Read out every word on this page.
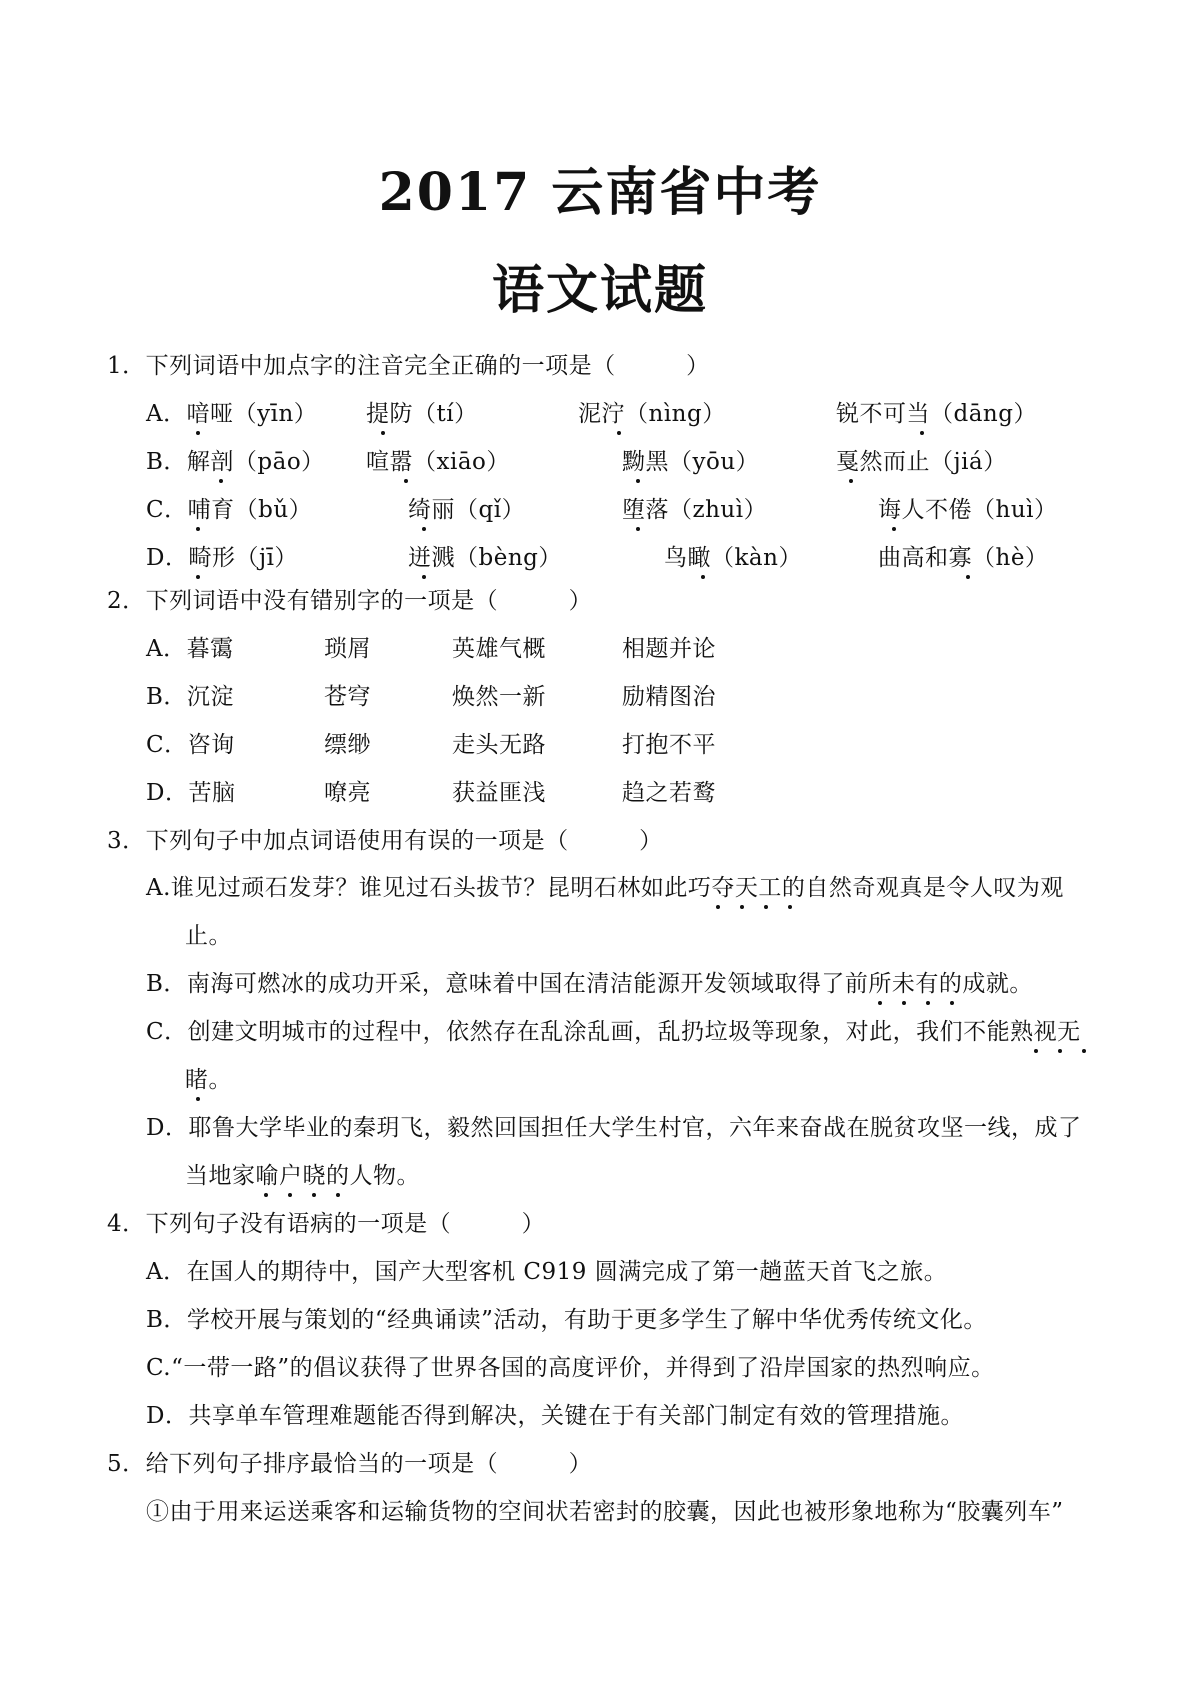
2017 云南省中考
语文试题
1．下列词语中加点字的注音完全正确的一项是（　　　）
A．喑哑（yīn） 提防（tí）	泥泞（nìng）	锐不可当（dāng）
B．解剖（pāo） 喧嚣（xiāo）	黝黑（yōu）	戛然而止（jiá）
C．哺育（bǔ）	绮丽（qǐ）	堕落（zhuì）	诲人不倦（huì）
D．畸形（jī）	迸溅（bèng）	鸟瞰（kàn）	曲高和寡（hè）
2．下列词语中没有错别字的一项是（　　　）
A．暮霭	琐屑	英雄气概	相题并论
B．沉淀	苍穹	焕然一新	励精图治
C．咨询	缥缈	走头无路	打抱不平
D．苦脑	嘹亮	获益匪浅	趋之若鹜
3．下列句子中加点词语使用有误的一项是（　　　）
A.谁见过顽石发芽？谁见过石头拔节？昆明石林如此巧夺天工的自然奇观真是令人叹为观
止。
B．南海可燃冰的成功开采，意味着中国在清洁能源开发领域取得了前所未有的成就。
C．创建文明城市的过程中，依然存在乱涂乱画，乱扔垃圾等现象，对此，我们不能熟视无
睹。
D．耶鲁大学毕业的秦玥飞，毅然回国担任大学生村官，六年来奋战在脱贫攻坚一线，成了
当地家喻户晓的人物。
4．下列句子没有语病的一项是（　　　）
A．在国人的期待中，国产大型客机 C919 圆满完成了第一趟蓝天首飞之旅。
B．学校开展与策划的“经典诵读”活动，有助于更多学生了解中华优秀传统文化。
C.“一带一路”的倡议获得了世界各国的高度评价，并得到了沿岸国家的热烈响应。
D．共享单车管理难题能否得到解决，关键在于有关部门制定有效的管理措施。
5．给下列句子排序最恰当的一项是（　　　）
①由于用来运送乘客和运输货物的空间状若密封的胶囊，因此也被形象地称为“胶囊列车”
